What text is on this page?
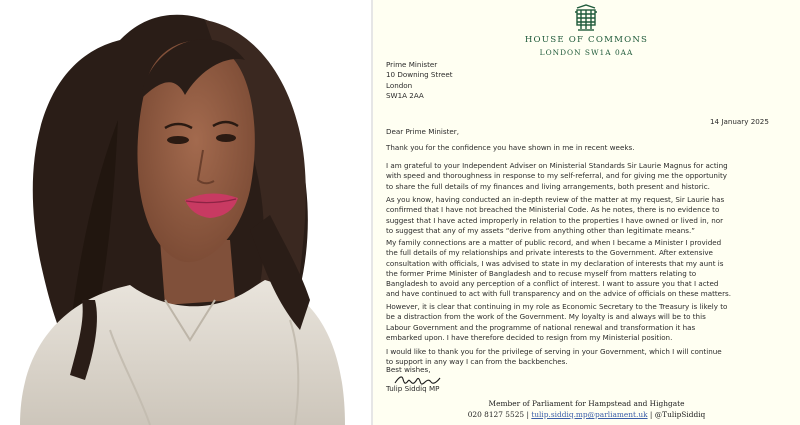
HOUSE OF COMMONS
LONDON SW1A 0AA
Prime Minister
10 Downing Street
London
SW1A 2AA
14 January 2025
Dear Prime Minister,
Thank you for the confidence you have shown in me in recent weeks.
I am grateful to your Independent Adviser on Ministerial Standards Sir Laurie Magnus for acting
with speed and thoroughness in response to my self-referral, and for giving me the opportunity
to share the full details of my finances and living arrangements, both present and historic.
As you know, having conducted an in-depth review of the matter at my request, Sir Laurie has
confirmed that I have not breached the Ministerial Code. As he notes, there is no evidence to
suggest that I have acted improperly in relation to the properties I have owned or lived in, nor
to suggest that any of my assets “derive from anything other than legitimate means.”
My family connections are a matter of public record, and when I became a Minister I provided
the full details of my relationships and private interests to the Government. After extensive
consultation with officials, I was advised to state in my declaration of interests that my aunt is
the former Prime Minister of Bangladesh and to recuse myself from matters relating to
Bangladesh to avoid any perception of a conflict of interest. I want to assure you that I acted
and have continued to act with full transparency and on the advice of officials on these matters.
However, it is clear that continuing in my role as Economic Secretary to the Treasury is likely to
be a distraction from the work of the Government. My loyalty is and always will be to this
Labour Government and the programme of national renewal and transformation it has
embarked upon. I have therefore decided to resign from my Ministerial position.
I would like to thank you for the privilege of serving in your Government, which I will continue
to support in any way I can from the backbenches.
Best wishes,
Tulip Siddiq MP
Member of Parliament for Hampstead and Highgate
020 8127 5525 | tulip.siddiq.mp@parliament.uk | @TulipSiddiq
